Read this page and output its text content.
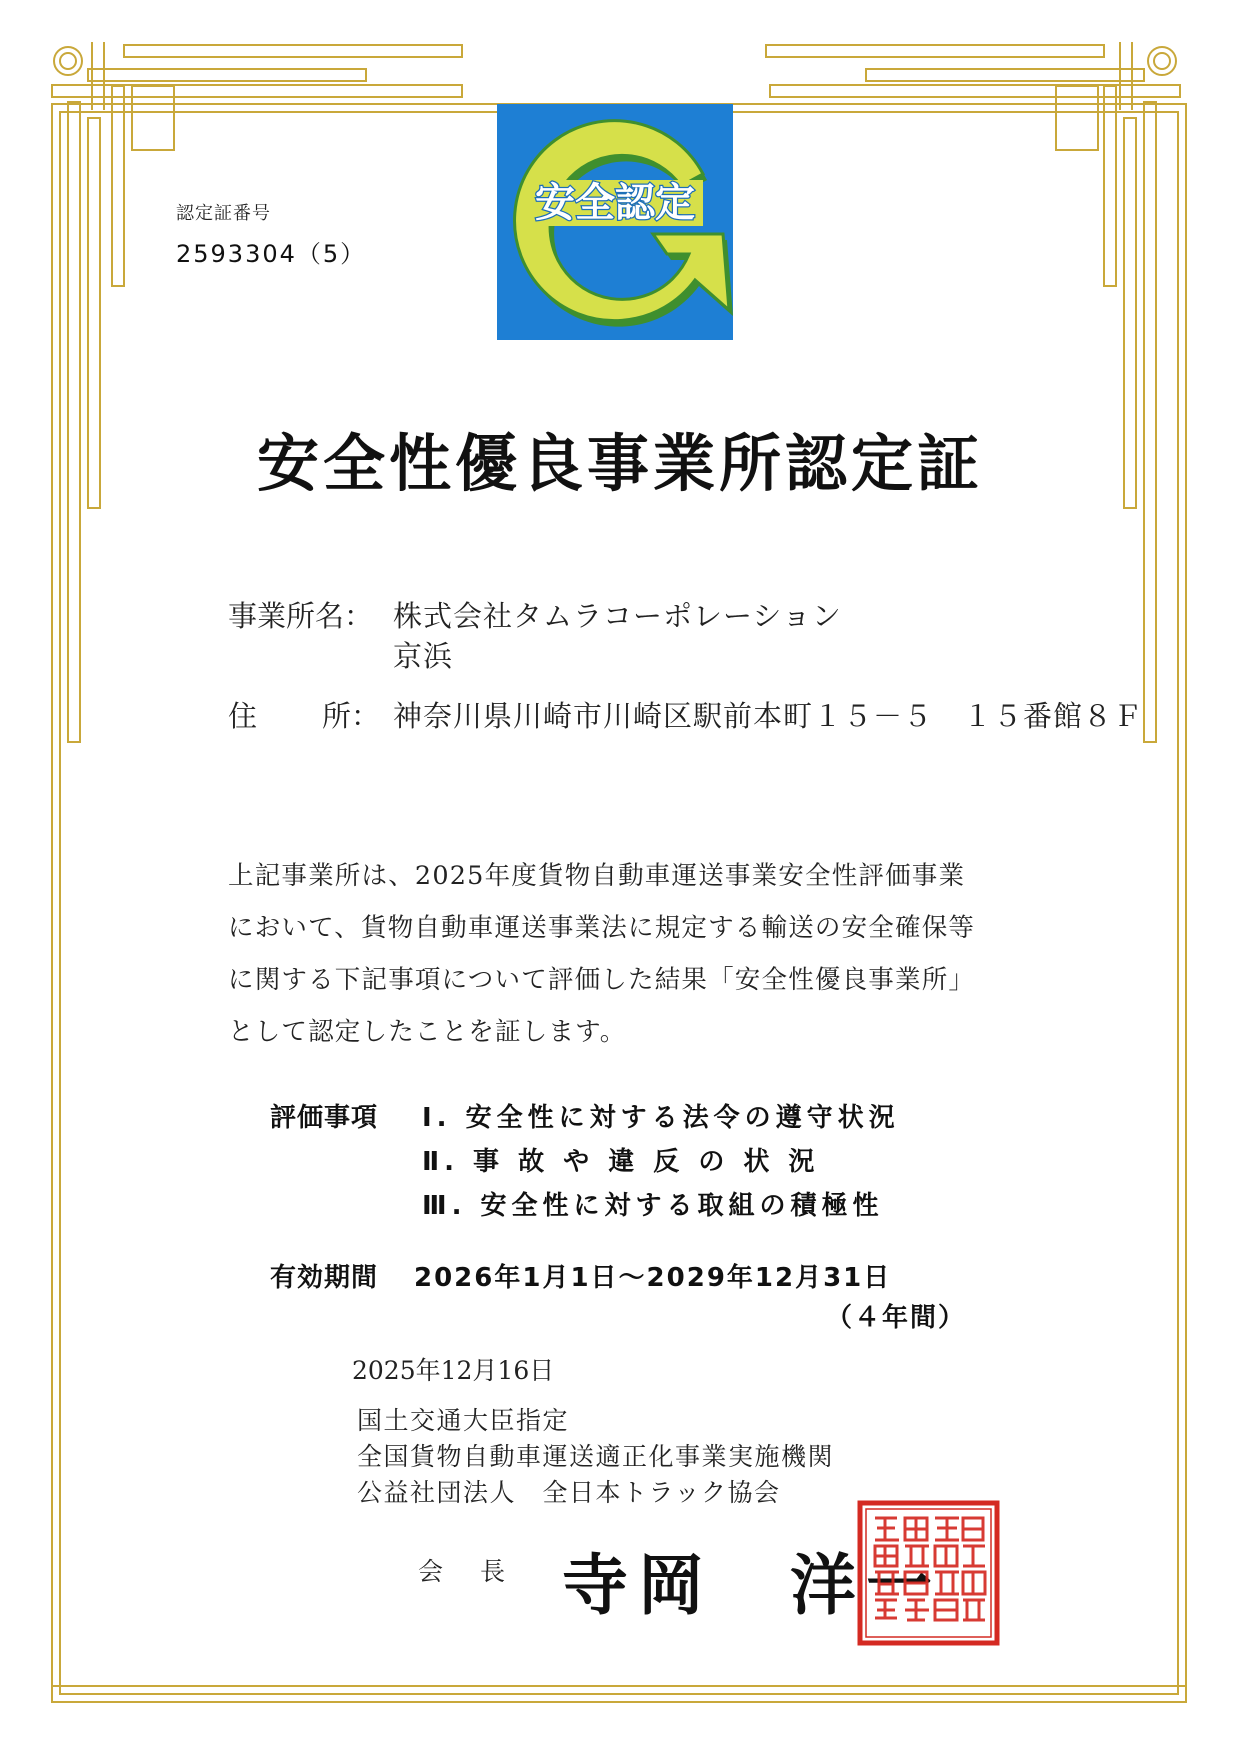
認定証番号
2593304（5）
安全認定
安全性優良事業所認定証
事業所名： 株式会社タムラコーポレーション
京浜
住 所： 神奈川県川崎市川崎区駅前本町１５－５　１５番館８Ｆ
上記事業所は、2025年度貨物自動車運送事業安全性評価事業
において、貨物自動車運送事業法に規定する輸送の安全確保等
に関する下記事項について評価した結果「安全性優良事業所」
として認定したことを証します。
評価事項 Ⅰ. 安全性に対する法令の遵守状況
Ⅱ. 事 故 や 違 反 の 状 況
Ⅲ. 安全性に対する取組の積極性
有効期間 2026年1月1日～2029年12月31日
（４年間）
2025年12月16日
国土交通大臣指定
全国貨物自動車運送適正化事業実施機関
公益社団法人　全日本トラック協会
会　長 寺岡　洋一
